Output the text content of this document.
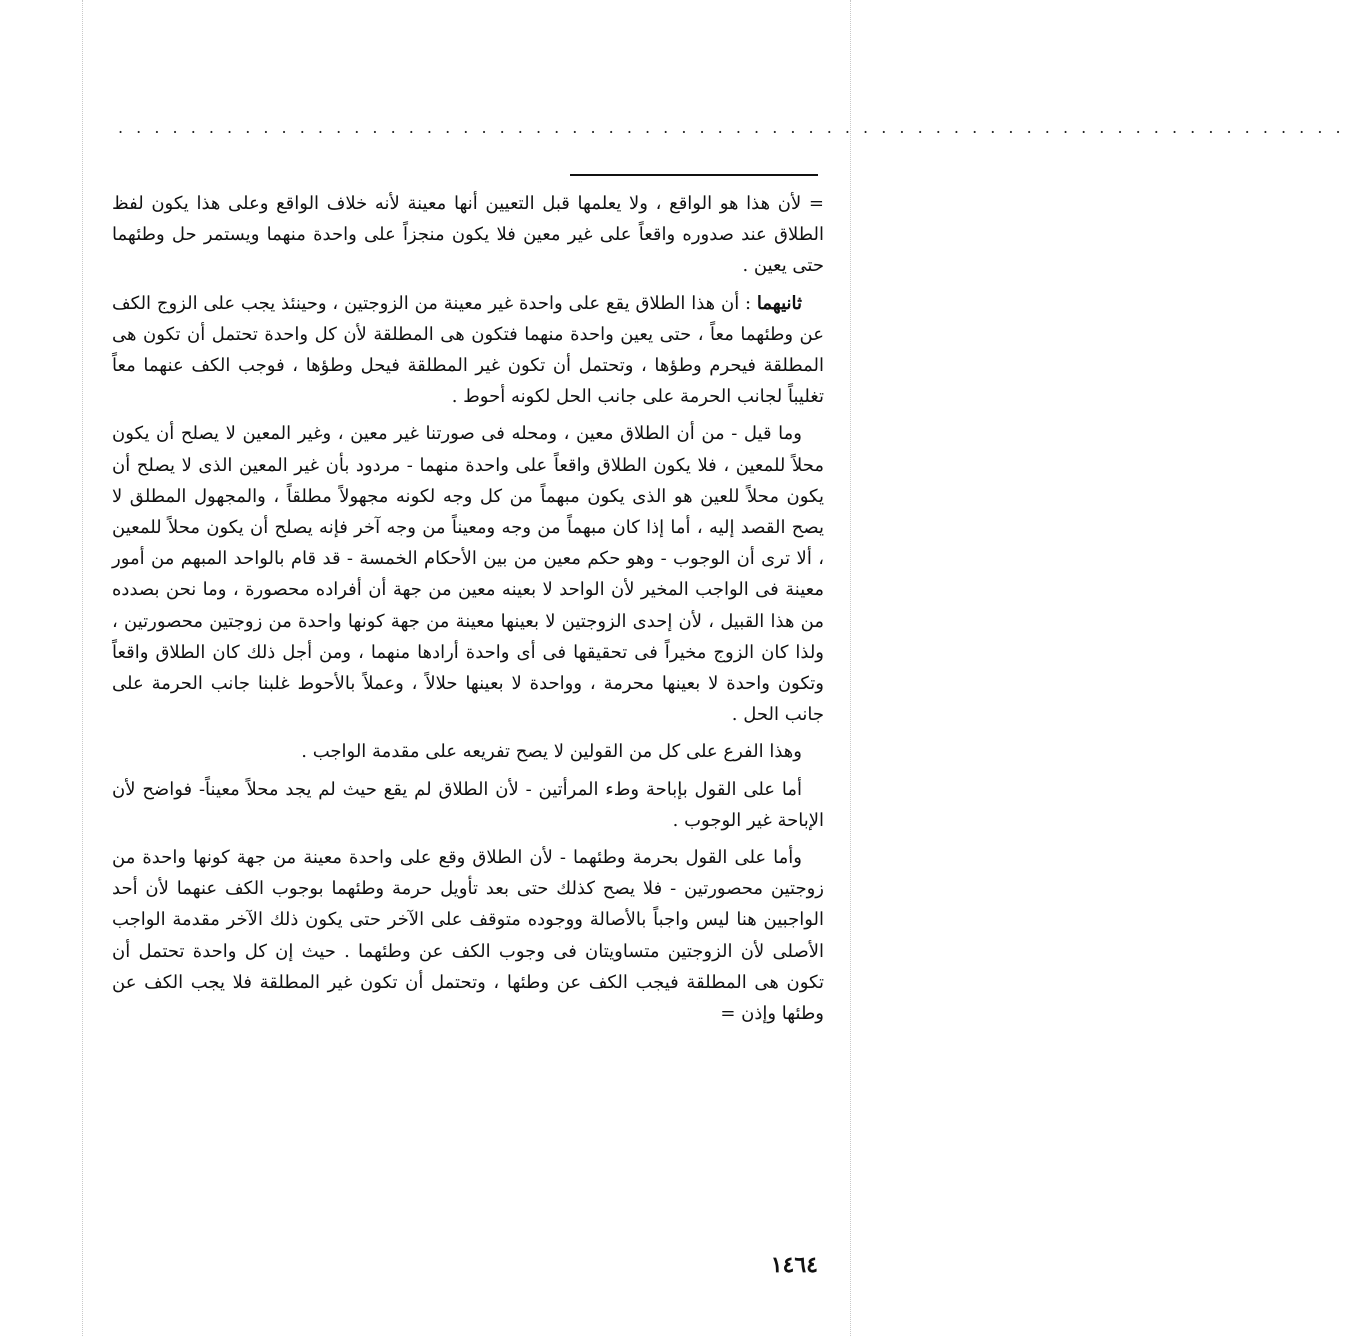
. . . . . . . . . . . . . . . . . . . . . . . . . . . . . . . . . . . . . . . . . . . . . . . . . . . . . . . . . . . . . . . . . . . .

= لأن هذا هو الواقع ، ولا يعلمها قبل التعيين أنها معينة لأنه خلاف الواقع وعلى هذا يكون لفظ الطلاق عند صدوره واقعاً على غير معين فلا يكون منجزاً على واحدة منهما ويستمر حل وطئهما حتى يعين .

ثانيهما : أن هذا الطلاق يقع على واحدة غير معينة من الزوجتين ، وحينئذ يجب على الزوج الكف عن وطئهما معاً ، حتى يعين واحدة منهما فتكون هى المطلقة لأن كل واحدة تحتمل أن تكون هى المطلقة فيحرم وطؤها ، وتحتمل أن تكون غير المطلقة فيحل وطؤها ، فوجب الكف عنهما معاً تغليباً لجانب الحرمة على جانب الحل لكونه أحوط .

وما قيل - من أن الطلاق معين ، ومحله فى صورتنا غير معين ، وغير المعين لا يصلح أن يكون محلاً للمعين ، فلا يكون الطلاق واقعاً على واحدة منهما - مردود بأن غير المعين الذى لا يصلح أن يكون محلاً للعين هو الذى يكون مبهماً من كل وجه لكونه مجهولاً مطلقاً ، والمجهول المطلق لا يصح القصد إليه ، أما إذا كان مبهماً من وجه ومعيناً من وجه آخر فإنه يصلح أن يكون محلاً للمعين ، ألا ترى أن الوجوب - وهو حكم معين من بين الأحكام الخمسة - قد قام بالواحد المبهم من أمور معينة فى الواجب المخير لأن الواحد لا بعينه معين من جهة أن أفراده محصورة ، وما نحن بصدده من هذا القبيل ، لأن إحدى الزوجتين لا بعينها معينة من جهة كونها واحدة من زوجتين محصورتين ، ولذا كان الزوج مخيراً فى تحقيقها فى أى واحدة أرادها منهما ، ومن أجل ذلك كان الطلاق واقعاً وتكون واحدة لا بعينها محرمة ، وواحدة لا بعينها حلالاً ، وعملاً بالأحوط غلبنا جانب الحرمة على جانب الحل .

وهذا الفرع على كل من القولين لا يصح تفريعه على مقدمة الواجب .

أما على القول بإباحة وطء المرأتين - لأن الطلاق لم يقع حيث لم يجد محلاً معيناً- فواضح لأن الإباحة غير الوجوب .

وأما على القول بحرمة وطئهما - لأن الطلاق وقع على واحدة معينة من جهة كونها واحدة من زوجتين محصورتين - فلا يصح كذلك حتى بعد تأويل حرمة وطئهما بوجوب الكف عنهما لأن أحد الواجبين هنا ليس واجباً بالأصالة ووجوده متوقف على الآخر حتى يكون ذلك الآخر مقدمة الواجب الأصلى لأن الزوجتين متساويتان فى وجوب الكف عن وطئهما . حيث إن كل واحدة تحتمل أن تكون هى المطلقة فيجب الكف عن وطئها ، وتحتمل أن تكون غير المطلقة فلا يجب الكف عن وطئها وإذن =

١٤٦٤
